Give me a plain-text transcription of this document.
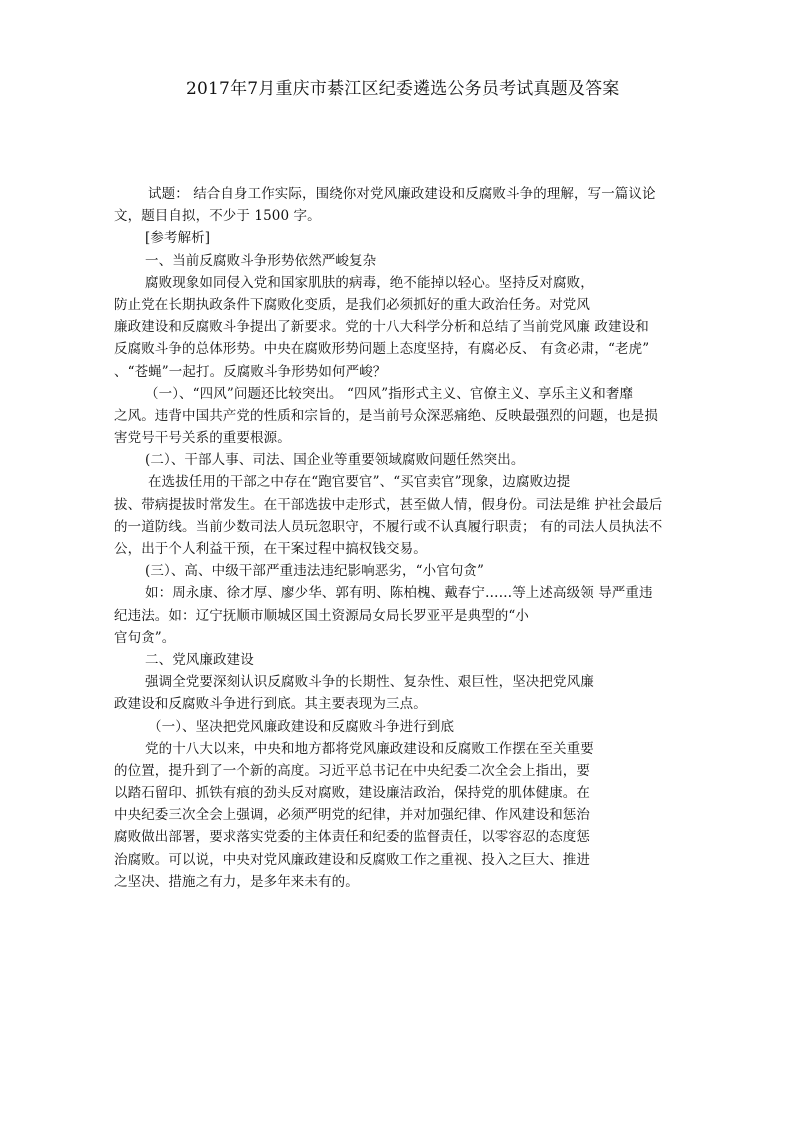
2017年7月重庆市綦江区纪委遴选公务员考试真题及答案
试题： 结合自身工作实际，围绕你对党风廉政建设和反腐败斗争的理解，写一篇议论
文，题目自拟，不少于 1500 字。
[参考解析]
一、当前反腐败斗争形势依然严峻复杂
腐败现象如同侵入党和国家肌肤的病毒，绝不能掉以轻心。坚持反对腐败，
防止党在长期执政条件下腐败化变质，是我们必须抓好的重大政治任务。对党风
廉政建设和反腐败斗争提出了新要求。党的十八大科学分析和总结了当前党风廉 政建设和
反腐败斗争的总体形势。中央在腐败形势问题上态度坚持，有腐必反、 有贪必肃，“老虎”
、“苍蝇”一起打。反腐败斗争形势如何严峻？
（一）、“四风”问题还比较突出。 “四风”指形式主义、官僚主义、享乐主义和奢靡
之风。违背中国共产党的性质和宗旨的，是当前号众深恶痛绝、反映最强烈的问题，也是损
害党号干号关系的重要根源。
(二）、干部人事、司法、国企业等重要领域腐败问题任然突出。
在选拔任用的干部之中存在“跑官要官”、“买官卖官”现象，边腐败边提
拔、带病提拔时常发生。在干部选拔中走形式，甚至做人情，假身份。司法是维 护社会最后
的一道防线。当前少数司法人员玩忽职守，不履行或不认真履行职责； 有的司法人员执法不
公，出于个人利益干预，在干案过程中搞权钱交易。
(三）、高、中级干部严重违法违纪影响恶劣，“小官句贪”
如：周永康、徐才厚、廖少华、郭有明、陈柏槐、戴春宁……等上述高级领 导严重违
纪违法。如：辽宁抚顺市顺城区国土资源局女局长罗亚平是典型的“小
官句贪”。
二、党风廉政建设
强调全党要深刻认识反腐败斗争的长期性、复杂性、艰巨性，坚决把党风廉
政建设和反腐败斗争进行到底。其主要表现为三点。
（一）、坚决把党风廉政建设和反腐败斗争进行到底
党的十八大以来，中央和地方都将党风廉政建设和反腐败工作摆在至关重要
的位置，提升到了一个新的高度。习近平总书记在中央纪委二次全会上指出，要
以踏石留印、抓铁有痕的劲头反对腐败，建设廉洁政治，保持党的肌体健康。在
中央纪委三次全会上强调，必须严明党的纪律，并对加强纪律、作风建设和惩治
腐败做出部署，要求落实党委的主体责任和纪委的监督责任，以零容忍的态度惩
治腐败。可以说，中央对党风廉政建设和反腐败工作之重视、投入之巨大、推进
之坚决、措施之有力，是多年来未有的。
